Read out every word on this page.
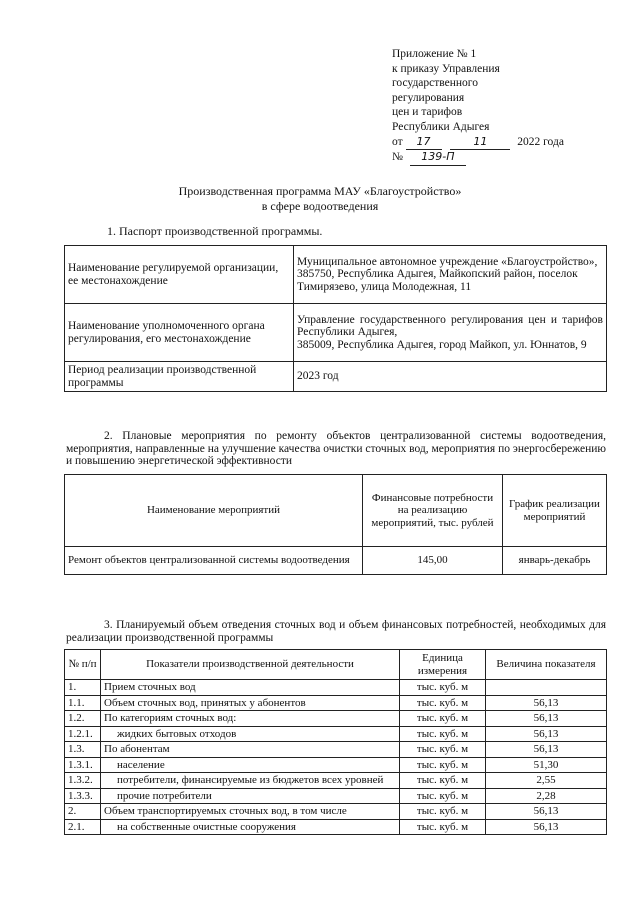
Приложение № 1
к приказу Управления
государственного
регулирования
цен и тарифов
Республики Адыгея
от 17	11	2022 года
№ 139-П
Производственная программа МАУ «Благоустройство»
в сфере водоотведения
1. Паспорт производственной программы.
Наименование регулируемой организации, ее местонахождение	Муниципальное автономное учреждение «Благоустройство»,
385750, Республика Адыгея, Майкопский район, поселок Тимирязево, улица Молодежная, 11

Наименование уполномоченного органа регулирования, его местонахождение	Управление государственного регулирования цен и тарифов Республики Адыгея,
385009, Республика Адыгея, город Майкоп, ул. Юннатов, 9

Период реализации производственной программы	2023 год
2. Плановые мероприятия по ремонту объектов централизованной системы водоотведения, мероприятия, направленные на улучшение качества очистки сточных вод, мероприятия по энергосбережению и повышению энергетической эффективности
Наименование мероприятий	Финансовые потребности на реализацию мероприятий, тыс. рублей	График реализации мероприятий
Ремонт объектов централизованной системы водоотведения	145,00	январь-декабрь
3. Планируемый объем отведения сточных вод и объем финансовых потребностей, необходимых для реализации производственной программы
№ п/п	Показатели производственной деятельности	Единица измерения	Величина показателя
1.	Прием сточных вод	тыс. куб. м	
1.1.	Объем сточных вод, принятых у абонентов	тыс. куб. м	56,13
1.2.	По категориям сточных вод:	тыс. куб. м	56,13
1.2.1.	жидких бытовых отходов	тыс. куб. м	56,13
1.3.	По абонентам	тыс. куб. м	56,13
1.3.1.	население	тыс. куб. м	51,30
1.3.2.	потребители, финансируемые из бюджетов всех уровней	тыс. куб. м	2,55
1.3.3.	прочие потребители	тыс. куб. м	2,28
2.	Объем транспортируемых сточных вод, в том числе	тыс. куб. м	56,13
2.1.	на собственные очистные сооружения	тыс. куб. м	56,13
